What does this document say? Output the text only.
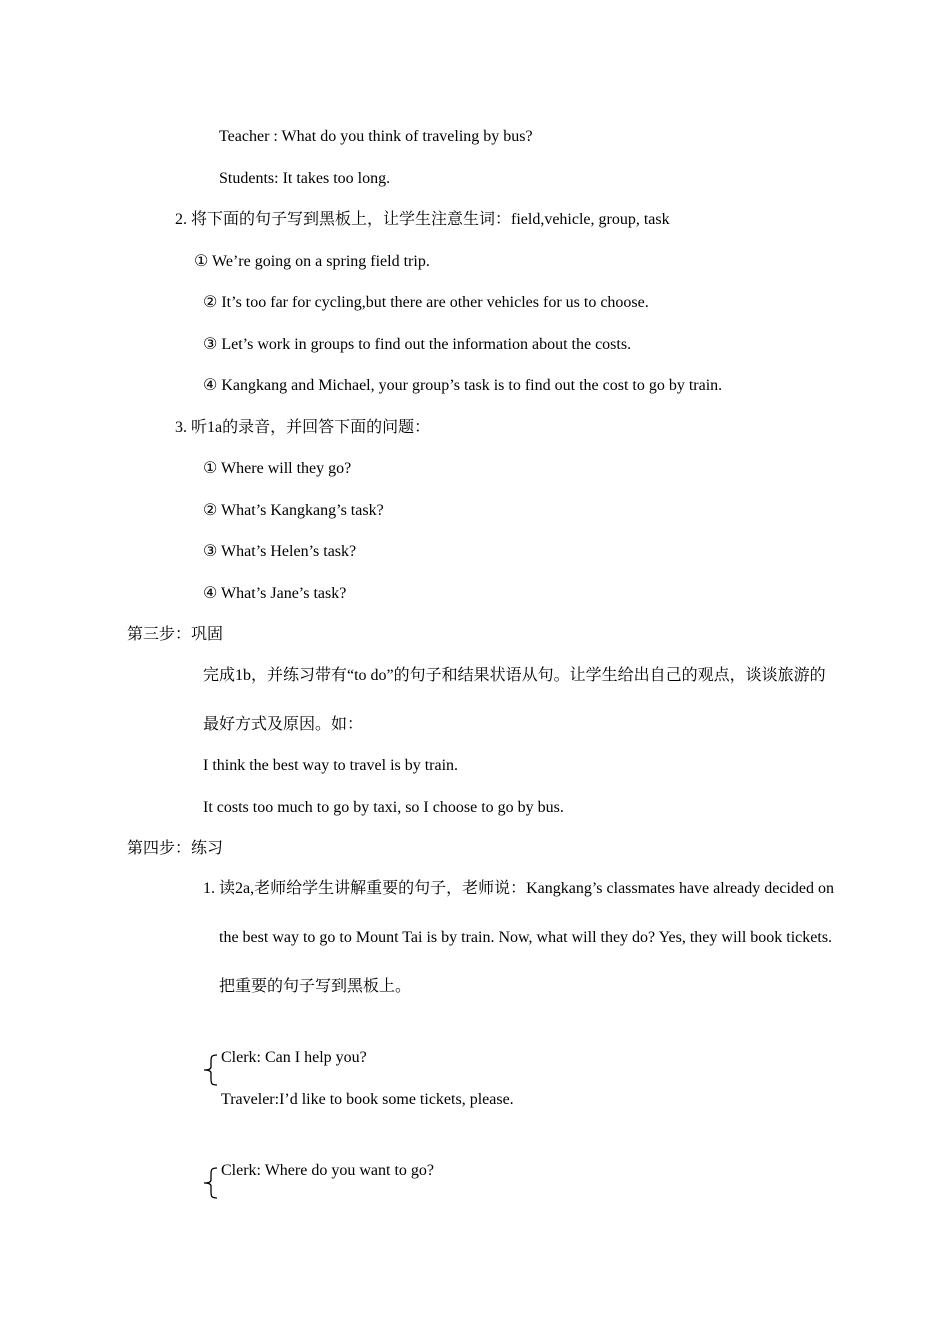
Teacher : What do you think of traveling by bus?
Students: It takes too long.
2. 将下面的句子写到黑板上，让学生注意生词：field,vehicle, group, task
① We’re going on a spring field trip.
② It’s too far for cycling,but there are other vehicles for us to choose.
③ Let’s work in groups to find out the information about the costs.
④ Kangkang and Michael, your group’s task is to find out the cost to go by train.
3. 听1a的录音，并回答下面的问题：
① Where will they go?
② What’s Kangkang’s task?
③ What’s Helen’s task?
④ What’s Jane’s task?
第三步：巩固
完成1b，并练习带有“to do”的句子和结果状语从句。让学生给出自己的观点，谈谈旅游的
最好方式及原因。如：
I think the best way to travel is by train.
It costs too much to go by taxi, so I choose to go by bus.
第四步：练习
1. 读2a,老师给学生讲解重要的句子，老师说：Kangkang’s classmates have already decided on
the best way to go to Mount Tai is by train. Now, what will they do? Yes, they will book tickets.
把重要的句子写到黑板上。
Clerk: Can I help you?
Traveler:I’d like to book some tickets, please.
Clerk: Where do you want to go?
